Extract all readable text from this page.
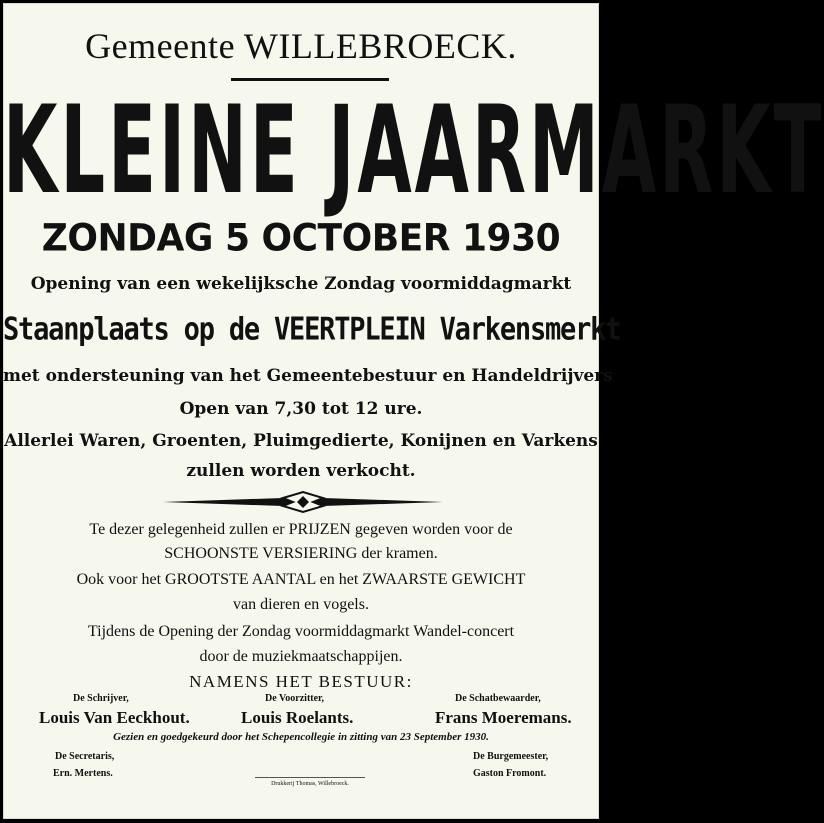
Gemeente WILLEBROECK.
KLEINE JAARMARKT
ZONDAG 5 OCTOBER 1930
Opening van een wekelijksche Zondag voormiddagmarkt
Staanplaats op de VEERTPLEIN Varkensmerkt
met ondersteuning van het Gemeentebestuur en Handeldrijvers
Open van 7,30 tot 12 ure.
Allerlei Waren, Groenten, Pluimgedierte, Konijnen en Varkens
zullen worden verkocht.
Te dezer gelegenheid zullen er PRIJZEN gegeven worden voor de
SCHOONSTE VERSIERING der kramen.
Ook voor het GROOTSTE AANTAL en het ZWAARSTE GEWICHT
van dieren en vogels.
Tijdens de Opening der Zondag voormiddagmarkt Wandel-concert
door de muziekmaatschappijen.
NAMENS HET BESTUUR:
De Schrijver,
Louis Van Eeckhout.
De Voorzitter,
Louis Roelants.
De Schatbewaarder,
Frans Moeremans.
Gezien en goedgekeurd door het Schepencollegie in zitting van 23 September 1930.
De Secretaris,
Ern. Mertens.
De Burgemeester,
Gaston Fromont.
Drukkerij Thomas, Willebroeck.
